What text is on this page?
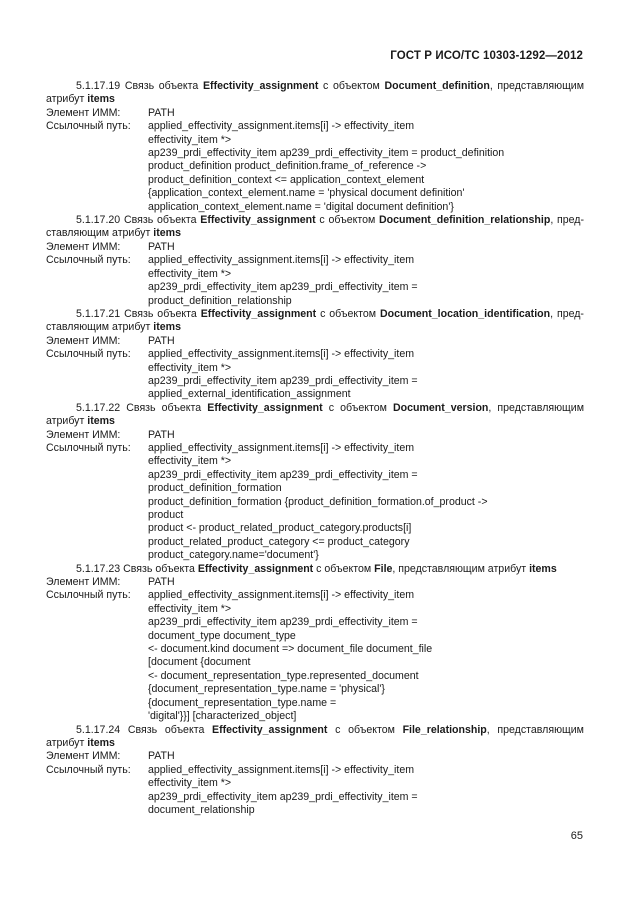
ГОСТ Р ИСО/ТС 10303-1292—2012
5.1.17.19 Связь объекта Effectivity_assignment с объектом Document_definition, представляющим атрибут items
Элемент ИММ:	PATH
Ссылочный путь:	applied_effectivity_assignment.items[i] -> effectivity_item
effectivity_item *>
ap239_prdi_effectivity_item ap239_prdi_effectivity_item = product_definition
product_definition product_definition.frame_of_reference ->
product_definition_context <= application_context_element
{application_context_element.name = 'physical document definition'
application_context_element.name = 'digital document definition'}
5.1.17.20 Связь объекта Effectivity_assignment с объектом Document_definition_relationship, пред-ставляющим атрибут items
Элемент ИММ:	PATH
Ссылочный путь:	applied_effectivity_assignment.items[i] -> effectivity_item
effectivity_item *>
ap239_prdi_effectivity_item ap239_prdi_effectivity_item =
product_definition_relationship
5.1.17.21 Связь объекта Effectivity_assignment с объектом Document_location_identification, пред-ставляющим атрибут items
Элемент ИММ:	PATH
Ссылочный путь:	applied_effectivity_assignment.items[i] -> effectivity_item
effectivity_item *>
ap239_prdi_effectivity_item ap239_prdi_effectivity_item =
applied_external_identification_assignment
5.1.17.22 Связь объекта Effectivity_assignment с объектом Document_version, представляющим атрибут items
Элемент ИММ:	PATH
Ссылочный путь:	applied_effectivity_assignment.items[i] -> effectivity_item
effectivity_item *>
ap239_prdi_effectivity_item ap239_prdi_effectivity_item =
product_definition_formation
product_definition_formation {product_definition_formation.of_product ->
product
product <- product_related_product_category.products[i]
product_related_product_category <= product_category
product_category.name='document'}
5.1.17.23 Связь объекта Effectivity_assignment с объектом File, представляющим атрибут items
Элемент ИММ:	PATH
Ссылочный путь:	applied_effectivity_assignment.items[i] -> effectivity_item
effectivity_item *>
ap239_prdi_effectivity_item ap239_prdi_effectivity_item =
document_type document_type
<- document.kind document => document_file document_file
[document {document
<- document_representation_type.represented_document
{document_representation_type.name = 'physical'}
{document_representation_type.name =
'digital'}}] [characterized_object]
5.1.17.24 Связь объекта Effectivity_assignment с объектом File_relationship, представляющим атрибут items
Элемент ИММ:	PATH
Ссылочный путь:	applied_effectivity_assignment.items[i] -> effectivity_item
effectivity_item *>
ap239_prdi_effectivity_item ap239_prdi_effectivity_item =
document_relationship
65
